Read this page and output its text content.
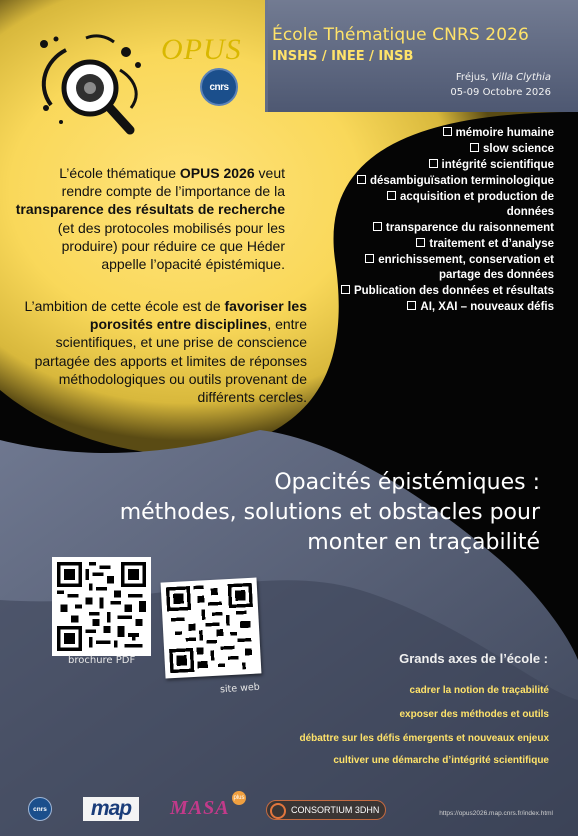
OPUS
cnrs
École Thématique CNRS 2026
INSHS / INEE / INSB
Fréjus, Villa Clythia
05-09 Octobre 2026
L’école thématique OPUS 2026 veut rendre compte de l’importance de la transparence des résultats de recherche (et des protocoles mobilisés pour les produire) pour réduire ce que Héder appelle l’opacité épistémique.
L’ambition de cette école est de favoriser les porosités entre disciplines, entre scientifiques, et une prise de conscience partagée des apports et limites de réponses méthodologiques ou outils provenant de différents cercles.
mémoire humaine
slow science
intégrité scientifique
désambiguïsation terminologique
acquisition et production de données
transparence du raisonnement
traitement et d’analyse
enrichissement, conservation et partage des données
Publication des données et résultats
AI, XAI – nouveaux défis
Opacités épistémiques :
méthodes, solutions et obstacles pour
monter en traçabilité
brochure PDF
site web
Grands axes de l’école :
cadrer la notion de traçabilité
exposer des méthodes et outils
débattre sur les défis émergents et nouveaux enjeux
cultiver une démarche d’intégrité scientifique
cnrs	map	MASA plus
CONSORTIUM 3DHN	https://opus2026.map.cnrs.fr/index.html
